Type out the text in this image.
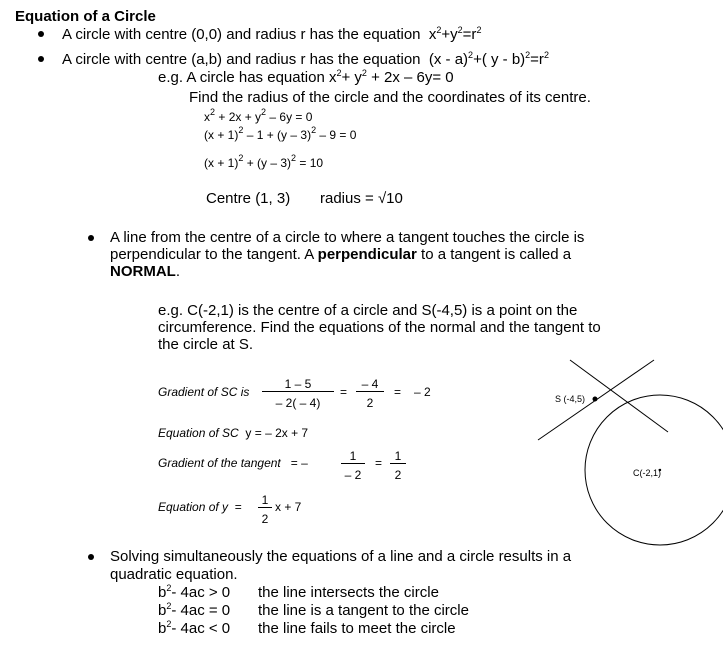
Equation of a Circle
A circle with centre (0,0) and radius r has the equation $x^2+y^2=r^2$
A circle with centre (a,b) and radius r has the equation (x - a)$^2$+( $y - b)^2=r^2$
e.g. A circle has equation $x^2+ y^2 + 2x - 6y= 0$
Find the radius of the circle and the coordinates of its centre.
$x^2 + 2x + y^2 - 6y = 0$
$(x + 1)^2 - 1 + (y - 3)^2 - 9 = 0$
$(x + 1)^2 + (y - 3)^2 = 10$
Centre (1, 3) radius = √10
A line from the centre of a circle to where a tangent touches the circle is
perpendicular to the tangent. A perpendicular to a tangent is called a
NORMAL.
e.g. C(-2,1) is the centre of a circle and S(-4,5) is a point on the
circumference. Find the equations of the normal and the tangent to
the circle at S.
Gradient of SC is $\frac{1 - 5}{- 2( - 4)} = \frac{- 4}{2}$ = – 2
Equation of SC y = – 2x + 7
Gradient of the tangent = –	$\frac{1}{- 2} = \frac{1}{2}$
Equation of $y = \frac{1}{2}$ x + 7
S (-4,5)
C(-2,1)
Solving simultaneously the equations of a line and a circle results in a
quadratic equation.
$b^2-$ 4ac > 0 the line intersects the circle
$b^2-$ 4ac = 0 the line is a tangent to the circle
$b^2-$ 4ac < 0 the line fails to meet the circle
